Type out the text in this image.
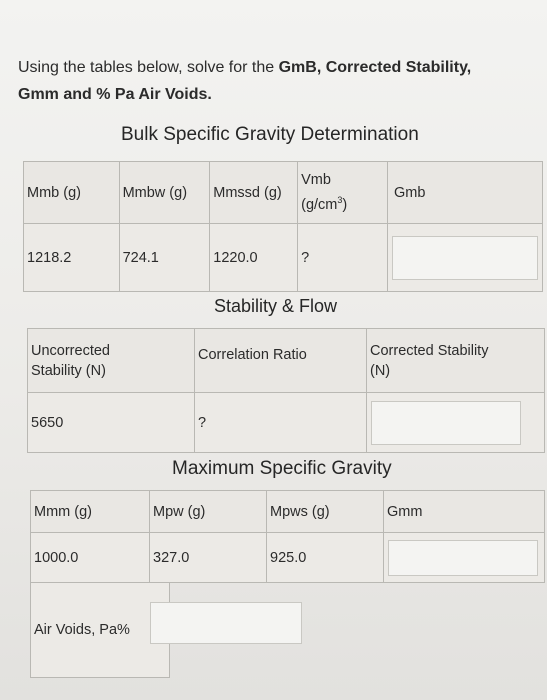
Using the tables below, solve for the GmB, Corrected Stability,
Gmm and % Pa Air Voids.
Bulk Specific Gravity Determination
Mmb (g)	Mmbw (g)	Mmssd (g)	Vmb
$(g/cm^3)$	Gmb
1218.2	724.1	1220.0	?	
Stability & Flow
Uncorrected
Stability (N)	Correlation Ratio	Corrected Stability
(N)
5650	?	
Maximum Specific Gravity
Mmm (g)	Mpw (g)	Mpws (g)	Gmm
1000.0	327.0	925.0	
Air Voids, Pa%
